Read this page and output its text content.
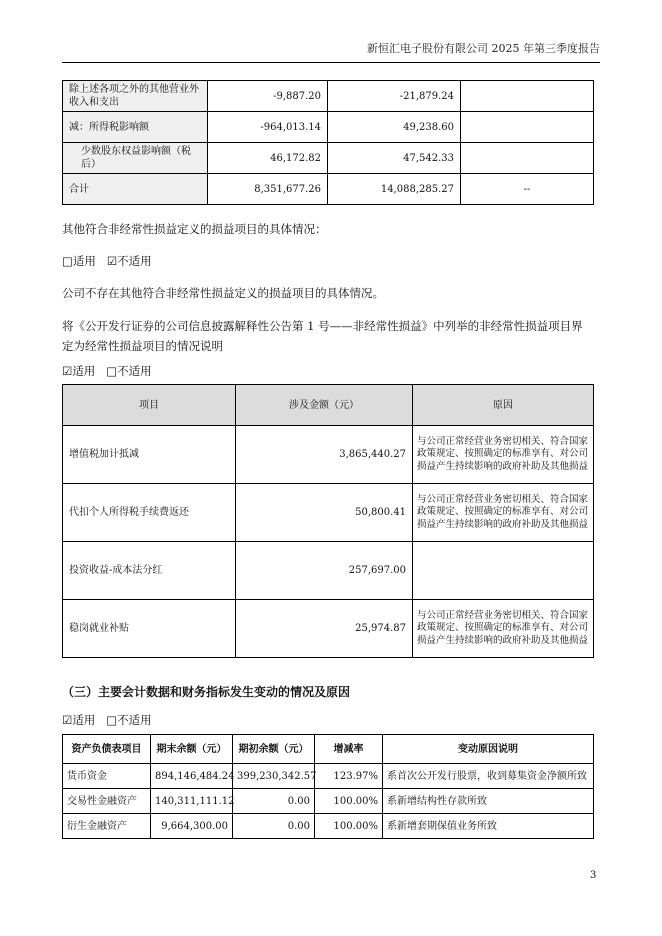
新恒汇电子股份有限公司 2025 年第三季度报告
除上述各项之外的其他营业外收入和支出	-9,887.20	-21,879.24	
减：所得税影响额	-964,013.14	49,238.60	
少数股东权益影响额（税后）	46,172.82	47,542.33	
合计	8,351,677.26	14,088,285.27	--
其他符合非经常性损益定义的损益项目的具体情况：
□适用 ☑不适用
公司不存在其他符合非经常性损益定义的损益项目的具体情况。
将《公开发行证券的公司信息披露解释性公告第 1 号——非经常性损益》中列举的非经常性损益项目界
定为经常性损益项目的情况说明
☑适用 □不适用
项目	涉及金额（元）	原因
增值税加计抵减	3,865,440.27	与公司正常经营业务密切相关、符合国家政策规定、按照确定的标准享有、对公司损益产生持续影响的政府补助及其他损益
代扣个人所得税手续费返还	50,800.41	与公司正常经营业务密切相关、符合国家政策规定、按照确定的标准享有、对公司损益产生持续影响的政府补助及其他损益
投资收益-成本法分红	257,697.00	
稳岗就业补贴	25,974.87	与公司正常经营业务密切相关、符合国家政策规定、按照确定的标准享有、对公司损益产生持续影响的政府补助及其他损益
（三）主要会计数据和财务指标发生变动的情况及原因
☑适用 □不适用
资产负债表项目	期末余额（元）	期初余额（元）	增减率	变动原因说明
货币资金	894,146,484.24	399,230,342.57	123.97%	系首次公开发行股票，收到募集资金净额所致
交易性金融资产	140,311,111.12	0.00	100.00%	系新增结构性存款所致
衍生金融资产	9,664,300.00	0.00	100.00%	系新增套期保值业务所致
3
